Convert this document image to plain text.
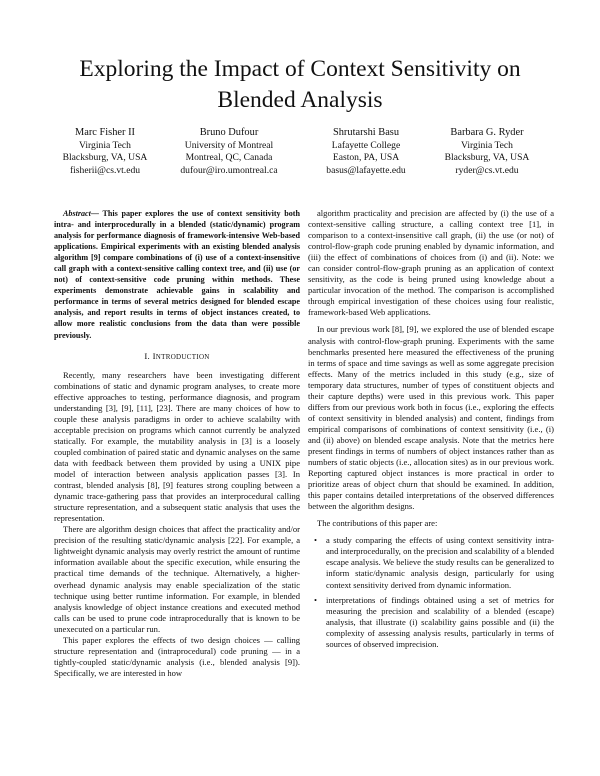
Exploring the Impact of Context Sensitivity on Blended Analysis
Marc Fisher II
Virginia Tech
Blacksburg, VA, USA
fisherii@cs.vt.edu
Bruno Dufour
University of Montreal
Montreal, QC, Canada
dufour@iro.umontreal.ca
Shrutarshi Basu
Lafayette College
Easton, PA, USA
basus@lafayette.edu
Barbara G. Ryder
Virginia Tech
Blacksburg, VA, USA
ryder@cs.vt.edu

Abstract— This paper explores the use of context sensitivity both intra- and interprocedurally in a blended (static/dynamic) program analysis for performance diagnosis of framework-intensive Web-based applications. Empirical experiments with an existing blended analysis algorithm [9] compare combinations of (i) use of a context-insensitive call graph with a context-sensitive calling context tree, and (ii) use (or not) of context-sensitive code pruning within methods. These experiments demonstrate achievable gains in scalability and performance in terms of several metrics designed for blended escape analysis, and report results in terms of object instances created, to allow more realistic conclusions from the data than were possible previously.

I. INTRODUCTION

Recently, many researchers have been investigating different combinations of static and dynamic program analyses, to create more effective approaches to testing, performance diagnosis, and program understanding [3], [9], [11], [23]. There are many choices of how to couple these analysis paradigms in order to achieve scalabilty with acceptable precision on programs which cannot currently be analyzed statically. For example, the mutability analysis in [3] is a loosely coupled combination of paired static and dynamic analyses on the same data with feedback between them provided by using a UNIX pipe model of interaction between analysis application passes [3]. In contrast, blended analysis [8], [9] features strong coupling between a dynamic trace-gathering pass that provides an interprocedural calling structure representation, and a subsequent static analysis that uses the representation.

There are algorithm design choices that affect the practicality and/or precision of the resulting static/dynamic analysis [22]. For example, a lightweight dynamic analysis may overly restrict the amount of runtime information available about the specific execution, while ensuring the practical time demands of the technique. Alternatively, a higher-overhead dynamic analysis may enable specialization of the static technique using better runtime information. For example, in blended analysis knowledge of object instance creations and executed method calls can be used to prune code intraprocedurally that is known to be unexecuted on a particular run.

This paper explores the effects of two design choices — calling structure representation and (intraprocedural) code pruning — in a tightly-coupled static/dynamic analysis (i.e., blended analysis [9]). Specifically, we are interested in how

algorithm practicality and precision are affected by (i) the use of a context-sensitive calling structure, a calling context tree [1], in comparison to a context-insensitive call graph, (ii) the use (or not) of control-flow-graph code pruning enabled by dynamic information, and (iii) the effect of combinations of choices from (i) and (ii). Note: we can consider control-flow-graph pruning as an application of context sensitivity, as the code is being pruned using knowledge about a particular invocation of the method. The comparison is accomplished through empirical investigation of these choices using four realistic, framework-based Web applications.

In our previous work [8], [9], we explored the use of blended escape analysis with control-flow-graph pruning. Experiments with the same benchmarks presented here measured the effectiveness of the pruning in terms of space and time savings as well as some aggregate precision effects. Many of the metrics included in this study (e.g., size of temporary data structures, number of types of constituent objects and their capture depths) were used in this previous work. This paper differs from our previous work both in focus (i.e., exploring the effects of context sensitivity in blended analysis) and content, findings from empirical comparisons of combinations of context sensitivity (i.e., (i) and (ii) above) on blended escape analysis. Note that the metrics here present findings in terms of numbers of object instances rather than as numbers of static objects (i.e., allocation sites) as in our previous work. Reporting captured object instances is more practical in order to prioritize areas of object churn that should be examined. In addition, this paper contains detailed interpretations of the observed differences between the algorithm designs.

The contributions of this paper are:

• a study comparing the effects of using context sensitivity intra- and interprocedurally, on the precision and scalability of a blended escape analysis. We believe the study results can be generalized to inform static/dynamic analysis design, particularly for using context sensitivity derived from dynamic information.
• interpretations of findings obtained using a set of metrics for measuring the precision and scalability of a blended (escape) analysis, that illustrate (i) scalability gains possible and (ii) the complexity of assessing analysis results, particularly in terms of sources of observed imprecision.
